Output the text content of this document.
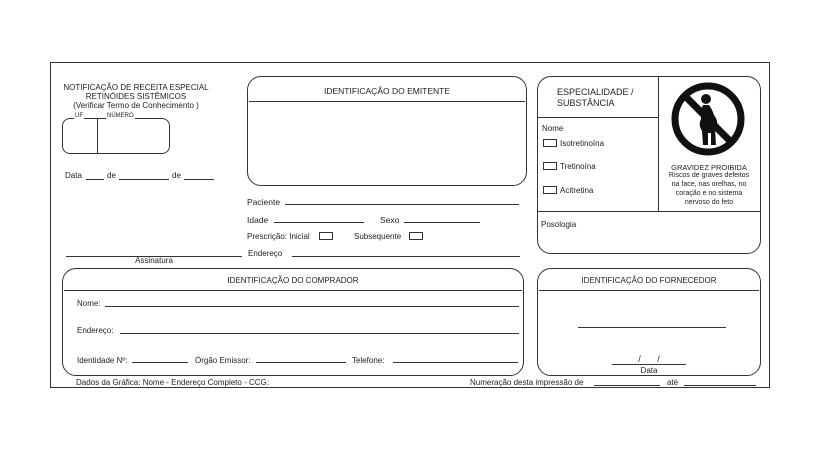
NOTIFICAÇÃO DE RECEITA ESPECIAL
RETINÓIDES SISTÊMICOS
(Verificar Termo de Conhecimento )
UF	NÚMERO
Data	de	de
Assinatura
IDENTIFICAÇÃO DO EMITENTE
Paciente
Idade	Sexo
Prescrição: Inicial	Subsequente
Endereço
ESPECIALIDADE /
SUBSTÂNCIA
Nome
Isotretinoína
Tretinoína
Acitretina
Posologia
GRAVIDEZ PROIBIDA
Riscos de graves defeitos
na face, nas orelhas, no
coração e no sistema
nervoso do feto
IDENTIFICAÇÃO DO COMPRADOR
Nome:
Endereço:
Identidade Nº:	Órgão Emissor:	Telefone:
IDENTIFICAÇÃO DO FORNECEDOR
/ /
Data
Dados da Gráfica: Nome - Endereço Completo - CCG:	Numeração desta impressão de	até
